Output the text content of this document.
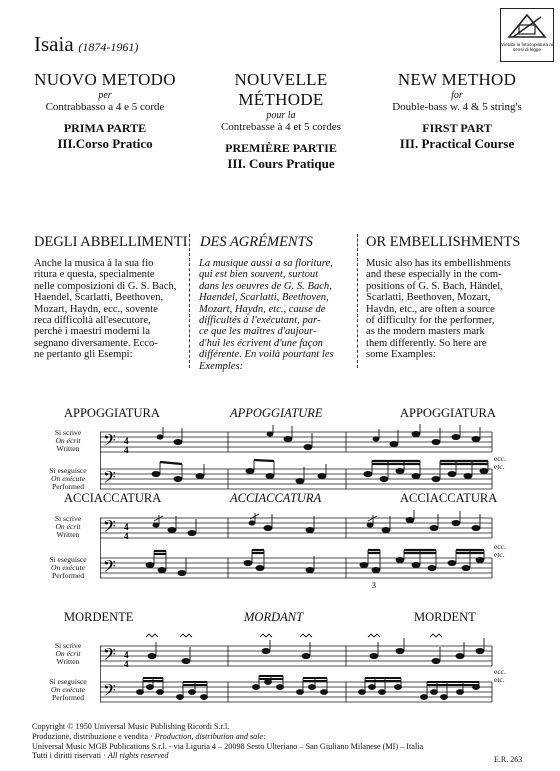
Isaia (1874-1961)	Vietata la fotocopiatura ai sensi di legge
NUOVO METODO
per
Contrabbasso a 4 e 5 corde
PRIMA PARTE
III.Corso Pratico
NOUVELLE MÉTHODE
pour la
Contrebasse à 4 et 5 cordes
PREMIÈRE PARTIE
III. Cours Pratique
NEW METHOD
for
Double-bass w. 4 & 5 string's
FIRST PART
III. Practical Course
DEGLI ABBELLIMENTI DES AGRÉMENTS	OR EMBELLISHMENTS
Anche la musica à la sua fio
ritura e questa, specialmente
nelle composizioni di G. S. Bach,
Haendel, Scarlatti, Beethoven,
Mozart, Haydn, ecc., sovente
reca difficoltà all'esecutore,
perchè i maestri moderni la
segnano diversamente. Ecco-
ne pertanto gli Esempi:
La musique aussi a sa floriture,
qui est bien souvent, surtout
dans les oeuvres de G. S. Bach,
Haendel, Scarlatti, Beethoven,
Mozart, Haydn, etc., cause de
difficultés à l'exécutant, par-
ce que les maîtres d'aujour-
d'hui les écrivent d'une façon
différente. En voilà pourtant les
Exemples:
Music also has its embellishments
and these especially in the com-
positions of G. S. Bach, Händel,
Scarlatti, Beethoven, Mozart,
Haydn, etc., are often a source
of difficulty for the performer,
as the modern masters mark
them differently. So here are
some Examples:
APPOGGIATURA	APPOGGIATURE	APPOGGIATURA
Si scrive
On écrit
Written
Si eseguisce
On exécute
Performed
ecc.
etc.
𝄢
𝄢
4
4
ACCIACCATURA	ACCIACCATURA	ACCIACCATURA
Si scrive
On écrit
Written
Si eseguisce
On exécute
Performed
ecc.
etc.
𝄢
𝄢
4
4
3
MORDENTE	MORDANT	MORDENT
Si scrive
On écrit
Written
Si eseguisce
On exécute
Performed
ecc.
etc.
𝄢
𝄢
4
4
Copyright © 1950 Universal Music Publishing Ricordi S.r.l.
Produzione, distribuzione e vendita · Production, distribution and sale:
Universal Music MGB Publications S.r.l. - via Liguria 4 – 20098 Sesto Ulteriano – San Giuliano Milanese (MI) – Italia
Tutti i diritti riservati · All rights reserved	E.R. 263
